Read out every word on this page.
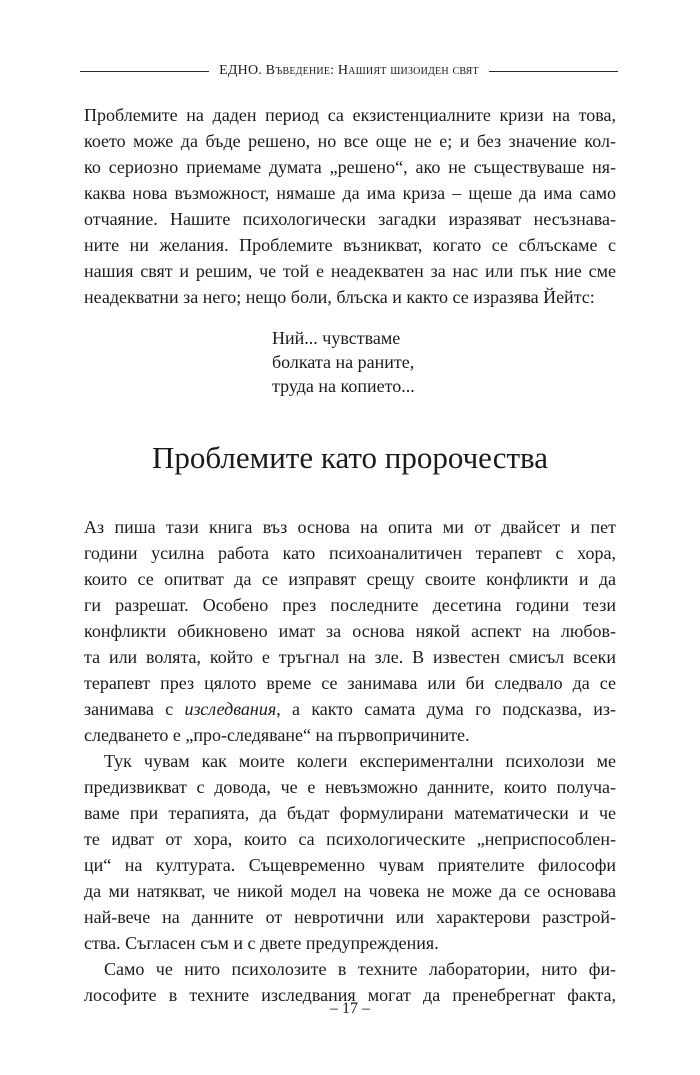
ЕДНО. Въведение: Нашият шизоиден свят

Проблемите на даден период са екзистенциалните кризи на това,
което може да бъде решено, но все още не е; и без значение кол-
ко сериозно приемаме думата „решено“, ако не съществуваше ня-
каква нова възможност, нямаше да има криза – щеше да има само
отчаяние. Нашите психологически загадки изразяват несъзнава-
ните ни желания. Проблемите възникват, когато се сблъскаме с
нашия свят и решим, че той е неадекватен за нас или пък ние сме
неадекватни за него; нещо боли, блъска и както се изразява Йейтс:

Ний... чувстваме
болката на раните,
труда на копието...
Проблемите като пророчества

Аз пиша тази книга въз основа на опита ми от двайсет и пет
години усилна работа като психоаналитичен терапевт с хора,
които се опитват да се изправят срещу своите конфликти и да
ги разрешат. Особено през последните десетина години тези
конфликти обикновено имат за основа някой аспект на любов-
та или волята, който е тръгнал на зле. В известен смисъл всеки
терапевт през цялото време се занимава или би следвало да се
занимава с изследвания, а както самата дума го подсказва, из-
следването е „про-следяване“ на първопричините.

Тук чувам как моите колеги експериментални психолози ме
предизвикват с довода, че е невъзможно данните, които получа-
ваме при терапията, да бъдат формулирани математически и че
те идват от хора, които са психологическите „неприспособлен-
ци“ на културата. Същевременно чувам приятелите философи
да ми натякват, че никой модел на човека не може да се основава
най-вече на данните от невротични или характерови разстрой-
ства. Съгласен съм и с двете предупреждения.

Само че нито психолозите в техните лаборатории, нито фи-
лософите в техните изследвания могат да пренебрегнат факта,

– 17 –
